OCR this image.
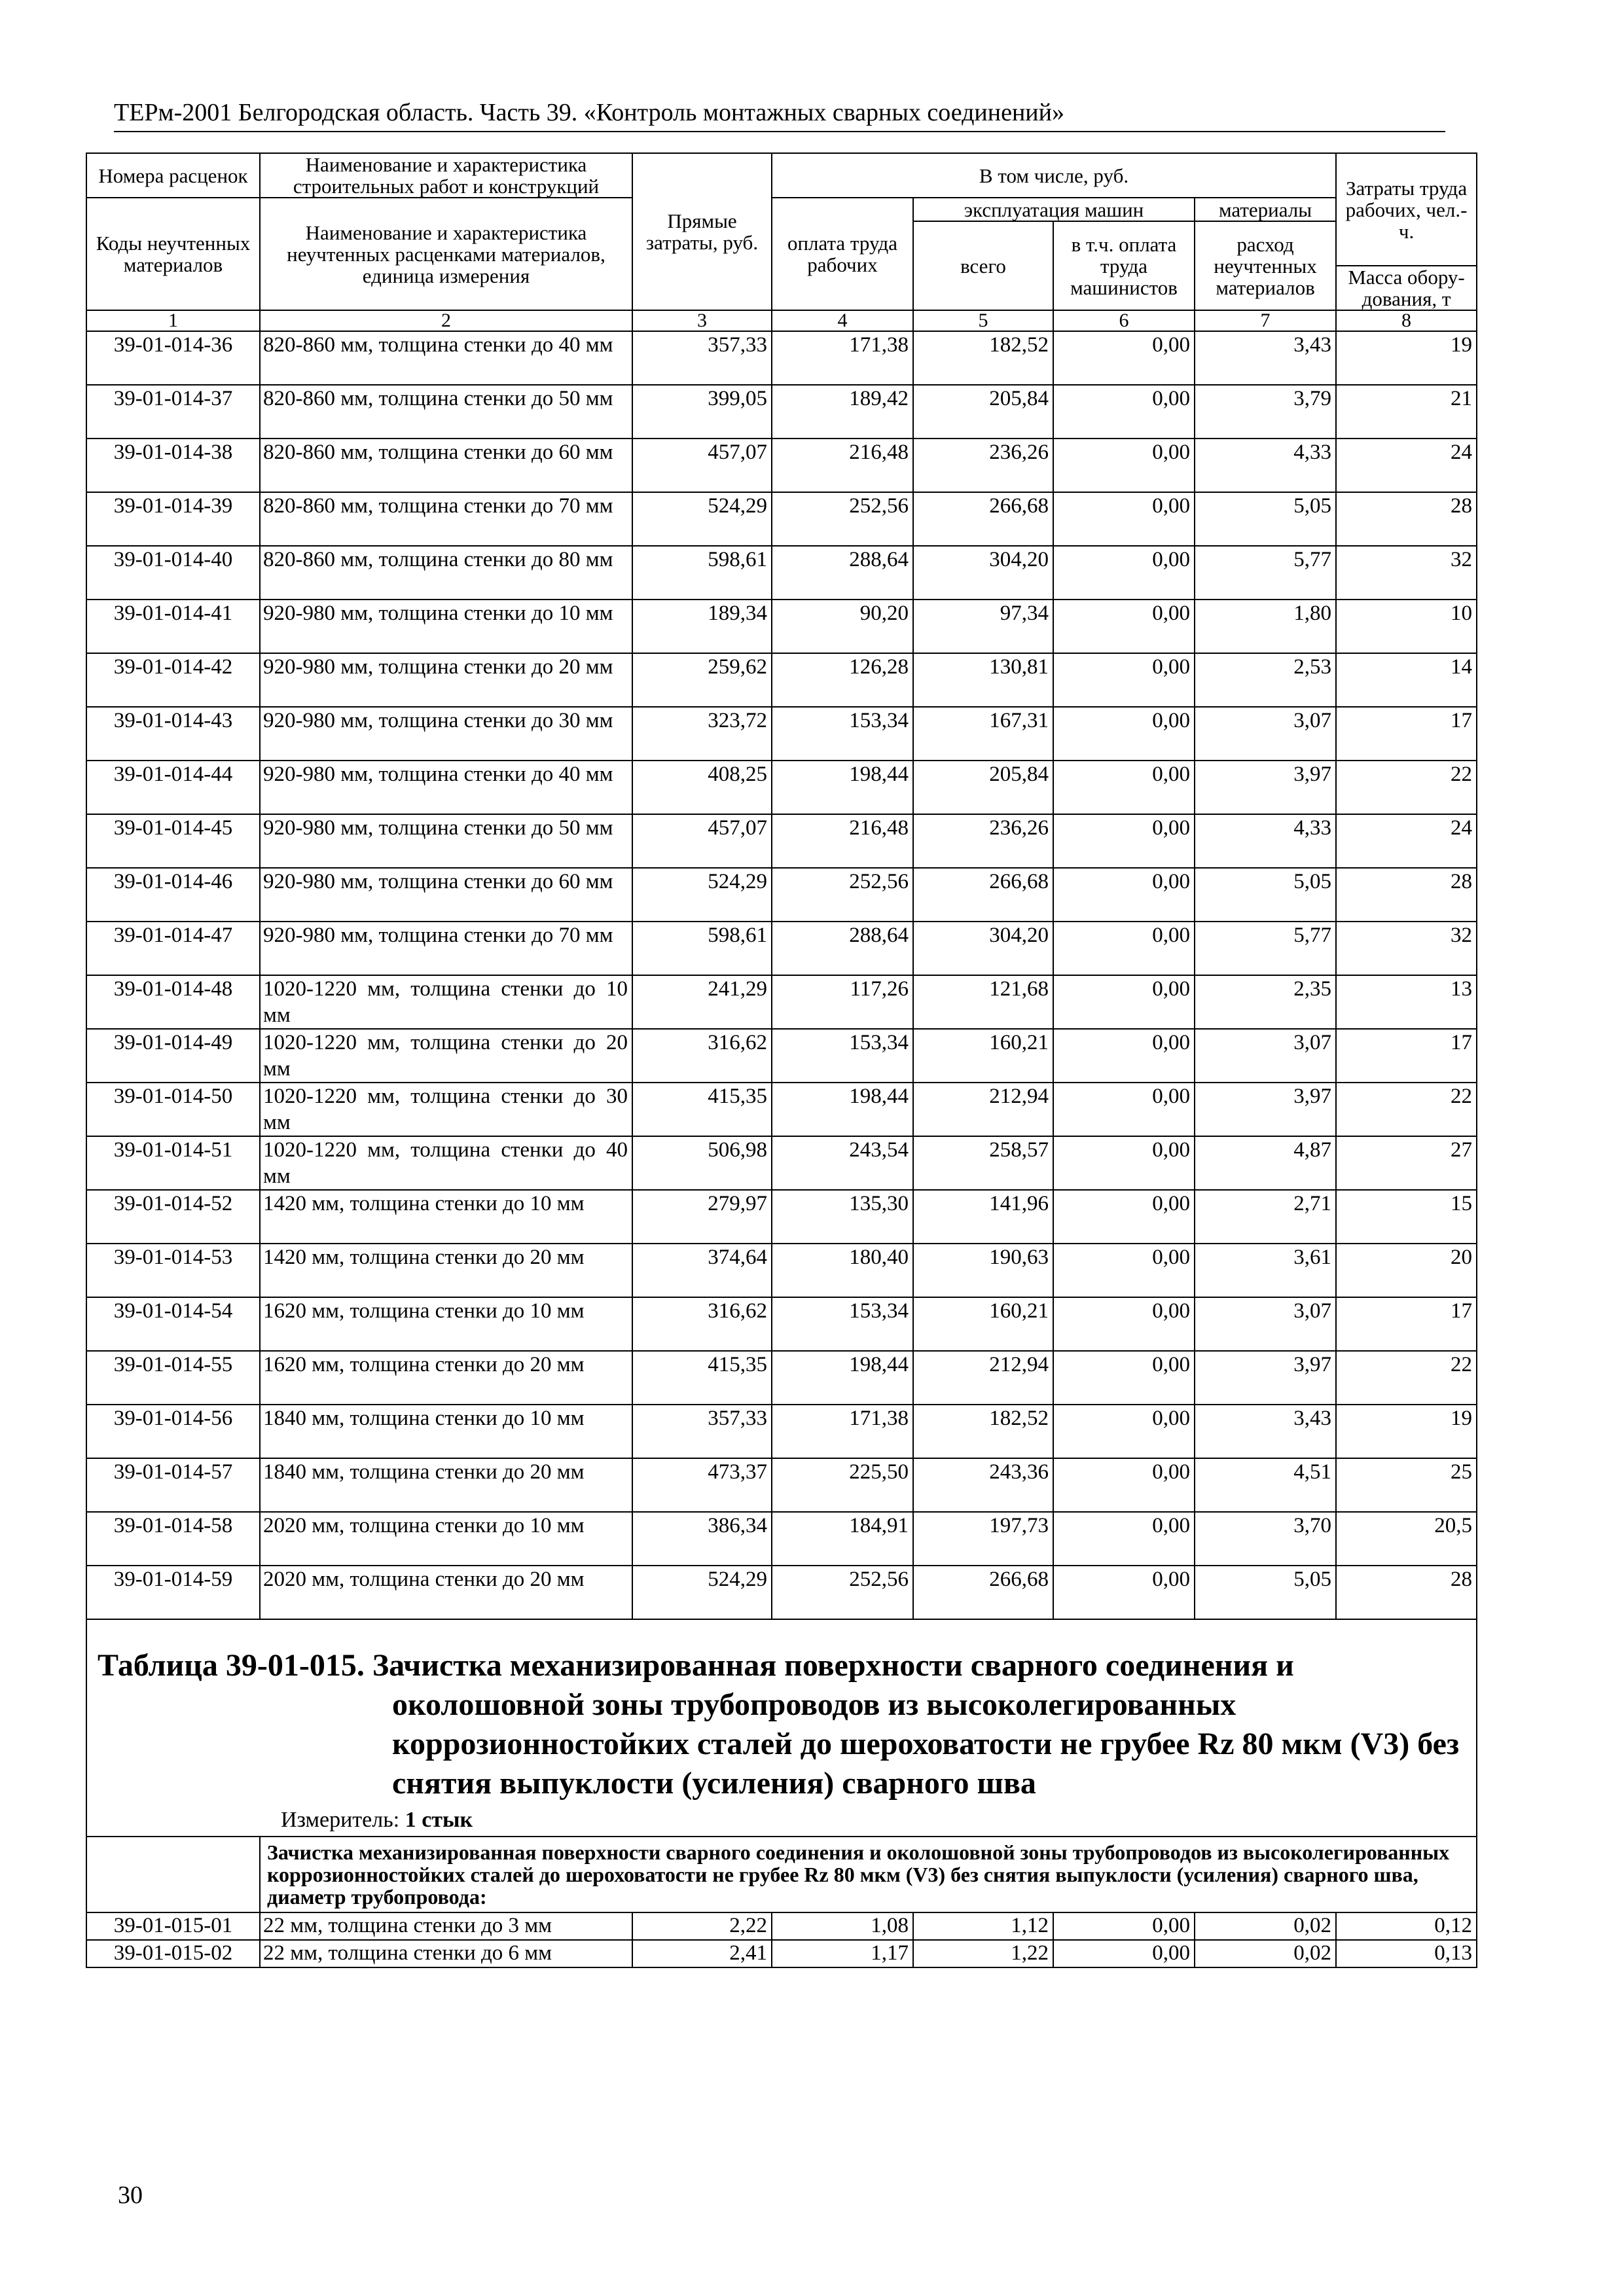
ТЕРм-2001 Белгородская область. Часть 39. «Контроль монтажных сварных соединений»
Номера расценок	Наименование и характеристика строительных работ и конструкций	Прямые затраты, руб.	В том числе, руб.				Затраты труда рабочих, чел.-ч.
Коды неучтенных материалов	Наименование и характеристика неучтенных расценками материалов, единица измерения		оплата труда рабочих	эксплуатация машин		материалы	
				всего	в т.ч. оплата труда машинистов	расход неучтенных материалов	
							Масса обору-дования, т
1	2	3	4	5	6	7	8
39-01-014-36	820-860 мм, толщина стенки до 40 мм	357,33	171,38	182,52	0,00	3,43	19
39-01-014-37	820-860 мм, толщина стенки до 50 мм	399,05	189,42	205,84	0,00	3,79	21
39-01-014-38	820-860 мм, толщина стенки до 60 мм	457,07	216,48	236,26	0,00	4,33	24
39-01-014-39	820-860 мм, толщина стенки до 70 мм	524,29	252,56	266,68	0,00	5,05	28
39-01-014-40	820-860 мм, толщина стенки до 80 мм	598,61	288,64	304,20	0,00	5,77	32
39-01-014-41	920-980 мм, толщина стенки до 10 мм	189,34	90,20	97,34	0,00	1,80	10
39-01-014-42	920-980 мм, толщина стенки до 20 мм	259,62	126,28	130,81	0,00	2,53	14
39-01-014-43	920-980 мм, толщина стенки до 30 мм	323,72	153,34	167,31	0,00	3,07	17
39-01-014-44	920-980 мм, толщина стенки до 40 мм	408,25	198,44	205,84	0,00	3,97	22
39-01-014-45	920-980 мм, толщина стенки до 50 мм	457,07	216,48	236,26	0,00	4,33	24
39-01-014-46	920-980 мм, толщина стенки до 60 мм	524,29	252,56	266,68	0,00	5,05	28
39-01-014-47	920-980 мм, толщина стенки до 70 мм	598,61	288,64	304,20	0,00	5,77	32
39-01-014-48	1020-1220 мм, толщина стенки до 10 мм	241,29	117,26	121,68	0,00	2,35	13
39-01-014-49	1020-1220 мм, толщина стенки до 20 мм	316,62	153,34	160,21	0,00	3,07	17
39-01-014-50	1020-1220 мм, толщина стенки до 30 мм	415,35	198,44	212,94	0,00	3,97	22
39-01-014-51	1020-1220 мм, толщина стенки до 40 мм	506,98	243,54	258,57	0,00	4,87	27
39-01-014-52	1420 мм, толщина стенки до 10 мм	279,97	135,30	141,96	0,00	2,71	15
39-01-014-53	1420 мм, толщина стенки до 20 мм	374,64	180,40	190,63	0,00	3,61	20
39-01-014-54	1620 мм, толщина стенки до 10 мм	316,62	153,34	160,21	0,00	3,07	17
39-01-014-55	1620 мм, толщина стенки до 20 мм	415,35	198,44	212,94	0,00	3,97	22
39-01-014-56	1840 мм, толщина стенки до 10 мм	357,33	171,38	182,52	0,00	3,43	19
39-01-014-57	1840 мм, толщина стенки до 20 мм	473,37	225,50	243,36	0,00	4,51	25
39-01-014-58	2020 мм, толщина стенки до 10 мм	386,34	184,91	197,73	0,00	3,70	20,5
39-01-014-59	2020 мм, толщина стенки до 20 мм	524,29	252,56	266,68	0,00	5,05	28

Таблица 39-01-015. Зачистка механизированная поверхности сварного соединения и околошовной зоны трубопроводов из высоколегированных коррозионностойких сталей до шероховатости не грубее Rz 80 мкм (V3) без снятия выпуклости (усиления) сварного шва
Измеритель: 1 стык							

	Зачистка механизированная поверхности сварного соединения и околошовной зоны трубопроводов из высоколегированных коррозионностойких сталей до шероховатости не грубее Rz 80 мкм (V3) без снятия выпуклости (усиления) сварного шва, диаметр трубопровода:						
39-01-015-01	22 мм, толщина стенки до 3 мм	2,22	1,08	1,12	0,00	0,02	0,12
39-01-015-02	22 мм, толщина стенки до 6 мм	2,41	1,17	1,22	0,00	0,02	0,13
30
